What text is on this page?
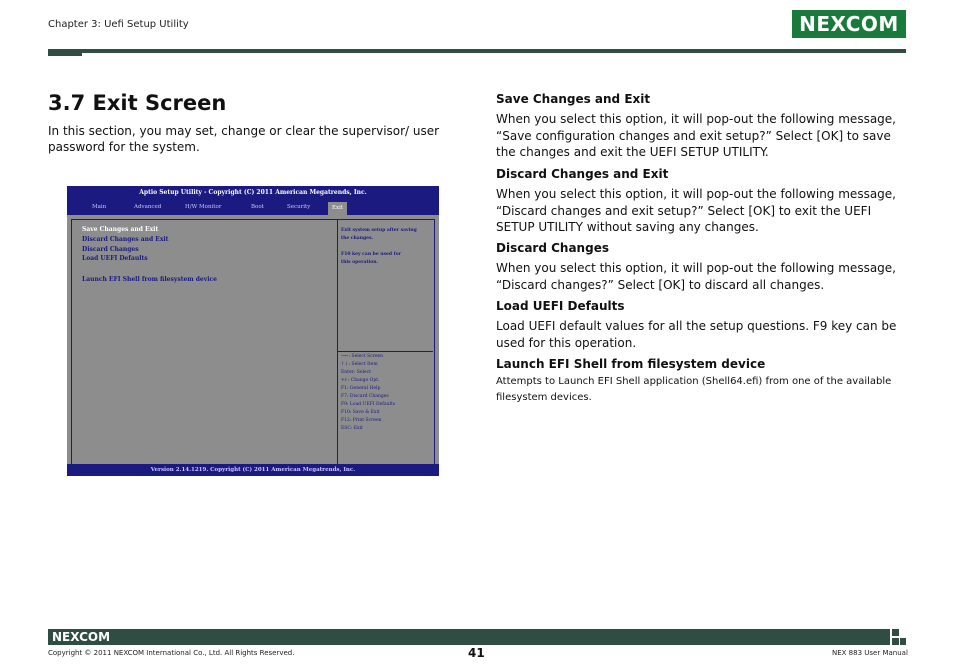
Chapter 3: Uefi Setup Utility	NEXCOM
3.7 Exit Screen
In this section, you may set, change or clear the supervisor/ user password for the system.
Aptio Setup Utility - Copyright (C) 2011 American Megatrends, Inc.
Main	Advanced	H/W Monitor	Boot	Security	Exit
Save Changes and Exit
Discard Changes and Exit
Discard Changes
Load UEFI Defaults
Launch EFI Shell from filesystem device
Exit system setup after saving
the changes.
F10 key can be used for
this operation.
→←: Select Screen
↑↓: Select Item
Enter: Select
+/-: Change Opt.
F1: General Help
F7: Discard Changes
F9: Load UEFI Defaults
F10: Save & Exit
F12: Print Screen
ESC: Exit
Version 2.14.1219. Copyright (C) 2011 American Megatrends, Inc.
Save Changes and Exit
When you select this option, it will pop-out the following message, “Save configuration changes and exit setup?” Select [OK] to save the changes and exit the UEFI SETUP UTILITY.
Discard Changes and Exit
When you select this option, it will pop-out the following message, “Discard changes and exit setup?” Select [OK] to exit the UEFI SETUP UTILITY without saving any changes.
Discard Changes
When you select this option, it will pop-out the following message, “Discard changes?” Select [OK] to discard all changes.
Load UEFI Defaults
Load UEFI default values for all the setup questions. F9 key can be used for this operation.
Launch EFI Shell from filesystem device
Attempts to Launch EFI Shell application (Shell64.efi) from one of the available filesystem devices.
NEXCOM
Copyright © 2011 NEXCOM International Co., Ltd. All Rights Reserved.	41	NEX 883 User Manual
